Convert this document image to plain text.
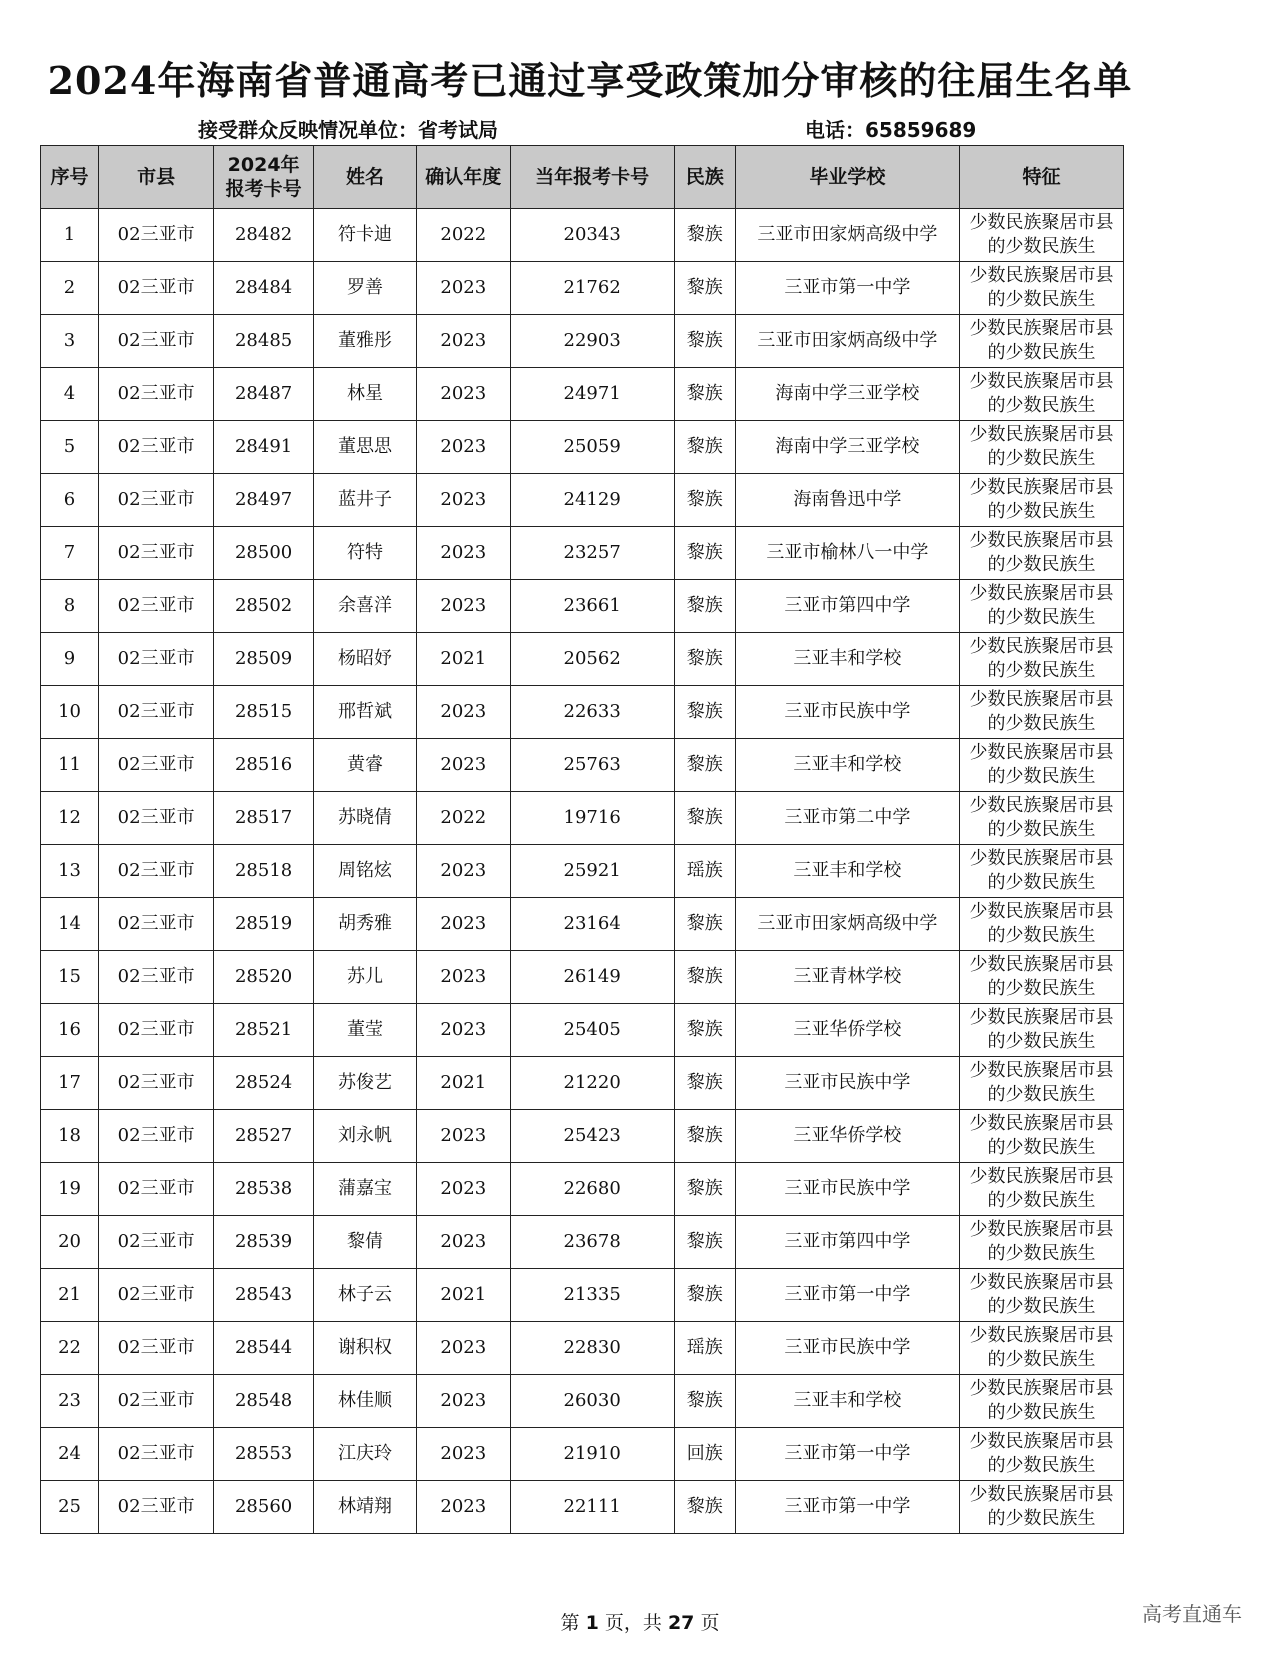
2024年海南省普通高考已通过享受政策加分审核的往届生名单
接受群众反映情况单位：省考试局	电话：65859689
序号	市县	2024年报考卡号	姓名	确认年度	当年报考卡号	民族	毕业学校	特征
1	02三亚市	28482	符卡迪	2022	20343	黎族	三亚市田家炳高级中学	少数民族聚居市县的少数民族生
2	02三亚市	28484	罗善	2023	21762	黎族	三亚市第一中学	少数民族聚居市县的少数民族生
3	02三亚市	28485	董雅彤	2023	22903	黎族	三亚市田家炳高级中学	少数民族聚居市县的少数民族生
4	02三亚市	28487	林星	2023	24971	黎族	海南中学三亚学校	少数民族聚居市县的少数民族生
5	02三亚市	28491	董思思	2023	25059	黎族	海南中学三亚学校	少数民族聚居市县的少数民族生
6	02三亚市	28497	蓝井子	2023	24129	黎族	海南鲁迅中学	少数民族聚居市县的少数民族生
7	02三亚市	28500	符特	2023	23257	黎族	三亚市榆林八一中学	少数民族聚居市县的少数民族生
8	02三亚市	28502	余喜洋	2023	23661	黎族	三亚市第四中学	少数民族聚居市县的少数民族生
9	02三亚市	28509	杨昭妤	2021	20562	黎族	三亚丰和学校	少数民族聚居市县的少数民族生
10	02三亚市	28515	邢哲斌	2023	22633	黎族	三亚市民族中学	少数民族聚居市县的少数民族生
11	02三亚市	28516	黄睿	2023	25763	黎族	三亚丰和学校	少数民族聚居市县的少数民族生
12	02三亚市	28517	苏晓倩	2022	19716	黎族	三亚市第二中学	少数民族聚居市县的少数民族生
13	02三亚市	28518	周铭炫	2023	25921	瑶族	三亚丰和学校	少数民族聚居市县的少数民族生
14	02三亚市	28519	胡秀雅	2023	23164	黎族	三亚市田家炳高级中学	少数民族聚居市县的少数民族生
15	02三亚市	28520	苏儿	2023	26149	黎族	三亚青林学校	少数民族聚居市县的少数民族生
16	02三亚市	28521	董莹	2023	25405	黎族	三亚华侨学校	少数民族聚居市县的少数民族生
17	02三亚市	28524	苏俊艺	2021	21220	黎族	三亚市民族中学	少数民族聚居市县的少数民族生
18	02三亚市	28527	刘永帆	2023	25423	黎族	三亚华侨学校	少数民族聚居市县的少数民族生
19	02三亚市	28538	蒲嘉宝	2023	22680	黎族	三亚市民族中学	少数民族聚居市县的少数民族生
20	02三亚市	28539	黎倩	2023	23678	黎族	三亚市第四中学	少数民族聚居市县的少数民族生
21	02三亚市	28543	林子云	2021	21335	黎族	三亚市第一中学	少数民族聚居市县的少数民族生
22	02三亚市	28544	谢积权	2023	22830	瑶族	三亚市民族中学	少数民族聚居市县的少数民族生
23	02三亚市	28548	林佳顺	2023	26030	黎族	三亚丰和学校	少数民族聚居市县的少数民族生
24	02三亚市	28553	江庆玲	2023	21910	回族	三亚市第一中学	少数民族聚居市县的少数民族生
25	02三亚市	28560	林靖翔	2023	22111	黎族	三亚市第一中学	少数民族聚居市县的少数民族生
第 1 页，共 27 页	高考直通车
